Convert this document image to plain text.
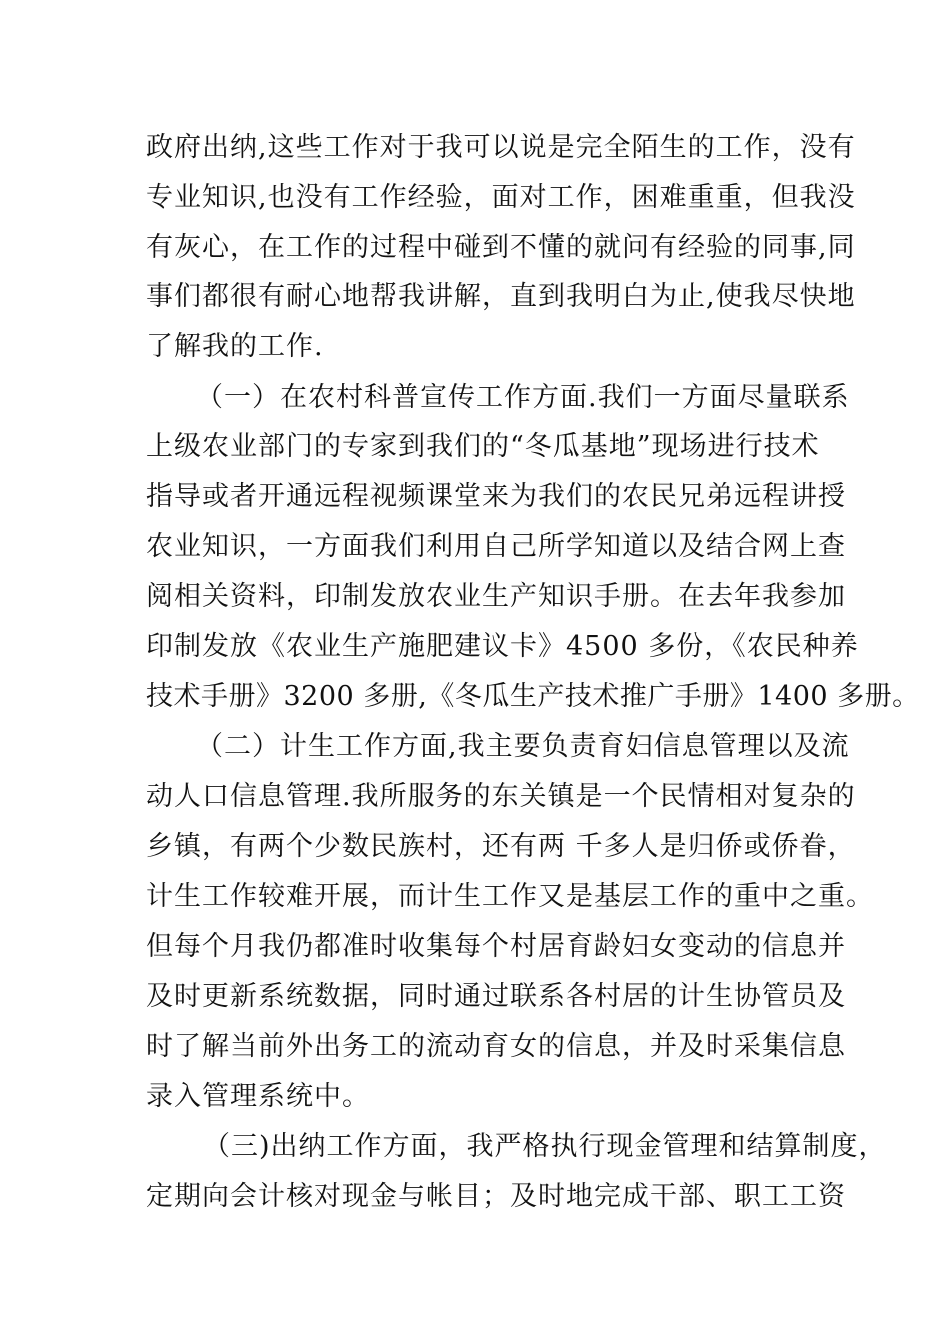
政府出纳,这些工作对于我可以说是完全陌生的工作，没有
专业知识,也没有工作经验，面对工作，困难重重，但我没
有灰心，在工作的过程中碰到不懂的就问有经验的同事,同
事们都很有耐心地帮我讲解，直到我明白为止,使我尽快地
了解我的工作.
（一）在农村科普宣传工作方面.我们一方面尽量联系
上级农业部门的专家到我们的“冬瓜基地”现场进行技术
指导或者开通远程视频课堂来为我们的农民兄弟远程讲授
农业知识，一方面我们利用自己所学知道以及结合网上查
阅相关资料，印制发放农业生产知识手册。在去年我参加
印制发放《农业生产施肥建议卡》4500 多份，《农民种养
技术手册》3200 多册,《冬瓜生产技术推广手册》1400 多册。
（二）计生工作方面,我主要负责育妇信息管理以及流
动人口信息管理.我所服务的东关镇是一个民情相对复杂的
乡镇，有两个少数民族村，还有两 千多人是归侨或侨眷，
计生工作较难开展，而计生工作又是基层工作的重中之重。
但每个月我仍都准时收集每个村居育龄妇女变动的信息并
及时更新系统数据，同时通过联系各村居的计生协管员及
时了解当前外出务工的流动育女的信息，并及时采集信息
录入管理系统中。
（三)出纳工作方面，我严格执行现金管理和结算制度，
定期向会计核对现金与帐目；及时地完成干部、职工工资
